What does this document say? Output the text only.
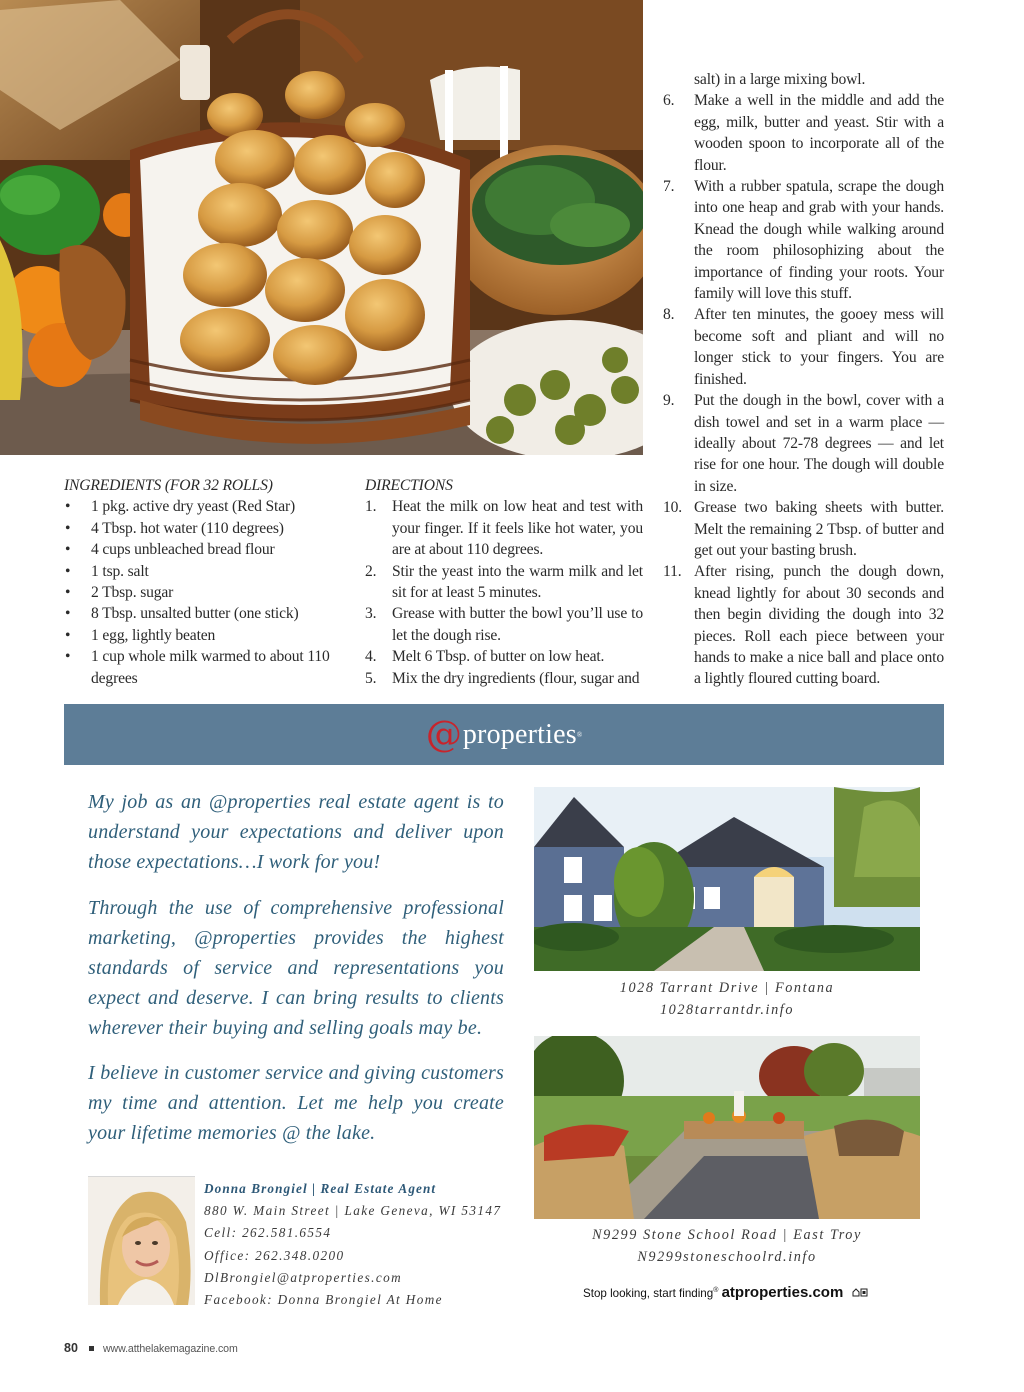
INGREDIENTS (FOR 32 ROLLS)
• 1 pkg. active dry yeast (Red Star)
• 4 Tbsp. hot water (110 degrees)
• 4 cups unbleached bread flour
• 1 tsp. salt
• 2 Tbsp. sugar
• 8 Tbsp. unsalted butter (one stick)
• 1 egg, lightly beaten
• 1 cup whole milk warmed to about 110 degrees
DIRECTIONS
1. Heat the milk on low heat and test with your finger. If it feels like hot water, you are at about 110 degrees.
2. Stir the yeast into the warm milk and let sit for at least 5 minutes.
3. Grease with butter the bowl you’ll use to let the dough rise.
4. Melt 6 Tbsp. of butter on low heat.
5. Mix the dry ingredients (flour, sugar and
salt) in a large mixing bowl.
6. Make a well in the middle and add the egg, milk, butter and yeast. Stir with a wooden spoon to incorporate all of the flour.
7. With a rubber spatula, scrape the dough into one heap and grab with your hands. Knead the dough while walking around the room philosophizing about the importance of finding your roots. Your family will love this stuff.
8. After ten minutes, the gooey mess will become soft and pliant and will no longer stick to your fingers. You are finished.
9. Put the dough in the bowl, cover with a dish towel and set in a warm place — ideally about 72-78 degrees — and let rise for one hour. The dough will double in size.
10. Grease two baking sheets with butter. Melt the remaining 2 Tbsp. of butter and get out your basting brush.
11. After rising, punch the dough down, knead lightly for about 30 seconds and then begin dividing the dough into 32 pieces. Roll each piece between your hands to make a nice ball and place onto a lightly floured cutting board.
@ properties ®
My job as an @properties real estate agent is to understand your expectations and deliver upon those expectations…I work for you!
Through the use of comprehensive professional marketing, @properties provides the highest standards of service and representations you expect and deserve. I can bring results to clients wherever their buying and selling goals may be.
I believe in customer service and giving customers my time and attention. Let me help you create your lifetime memories @ the lake.
Donna Brongiel | Real Estate Agent
880 W. Main Street | Lake Geneva, WI 53147
Cell: 262.581.6554
Office: 262.348.0200
DlBrongiel@atproperties.com
Facebook: Donna Brongiel At Home
1028 Tarrant Drive | Fontana
1028tarrantdr.info
N9299 Stone School Road | East Troy
N9299stoneschoolrd.info
Stop looking, start finding® atproperties.com
80 www.atthelakemagazine.com
